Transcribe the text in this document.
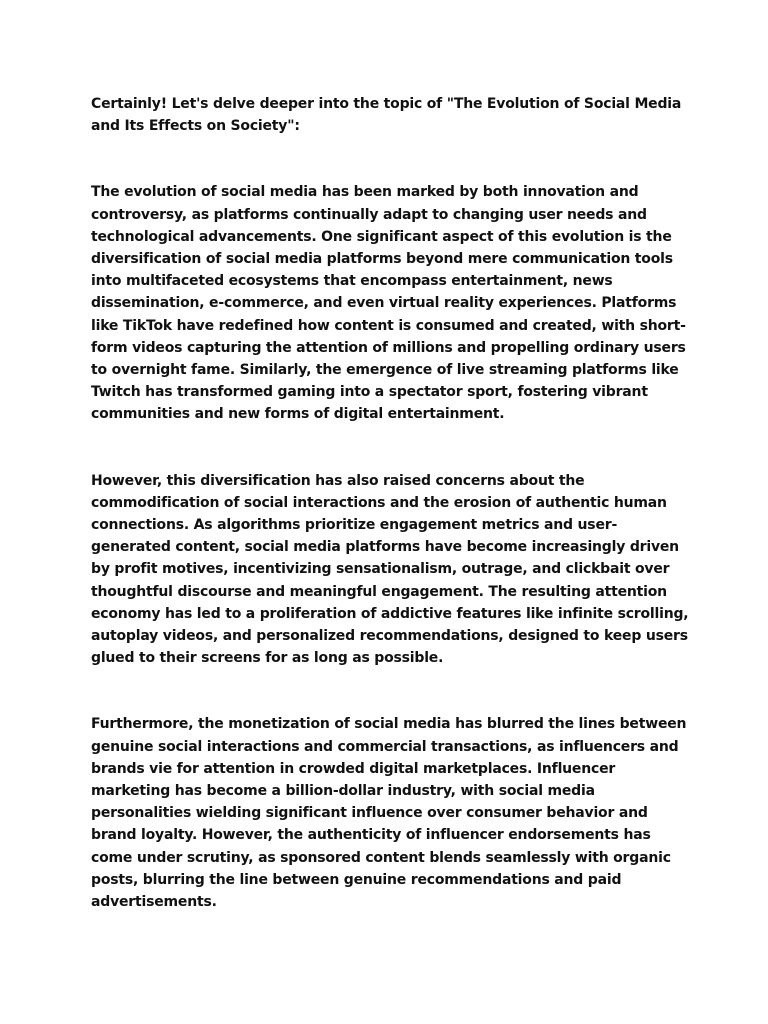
Certainly! Let's delve deeper into the topic of "The Evolution of Social Media and Its Effects on Society":

The evolution of social media has been marked by both innovation and controversy, as platforms continually adapt to changing user needs and technological advancements. One significant aspect of this evolution is the diversification of social media platforms beyond mere communication tools into multifaceted ecosystems that encompass entertainment, news dissemination, e-commerce, and even virtual reality experiences. Platforms like TikTok have redefined how content is consumed and created, with short-form videos capturing the attention of millions and propelling ordinary users to overnight fame. Similarly, the emergence of live streaming platforms like Twitch has transformed gaming into a spectator sport, fostering vibrant communities and new forms of digital entertainment.

However, this diversification has also raised concerns about the commodification of social interactions and the erosion of authentic human connections. As algorithms prioritize engagement metrics and user-generated content, social media platforms have become increasingly driven by profit motives, incentivizing sensationalism, outrage, and clickbait over thoughtful discourse and meaningful engagement. The resulting attention economy has led to a proliferation of addictive features like infinite scrolling, autoplay videos, and personalized recommendations, designed to keep users glued to their screens for as long as possible.

Furthermore, the monetization of social media has blurred the lines between genuine social interactions and commercial transactions, as influencers and brands vie for attention in crowded digital marketplaces. Influencer marketing has become a billion-dollar industry, with social media personalities wielding significant influence over consumer behavior and brand loyalty. However, the authenticity of influencer endorsements has come under scrutiny, as sponsored content blends seamlessly with organic posts, blurring the line between genuine recommendations and paid advertisements.
